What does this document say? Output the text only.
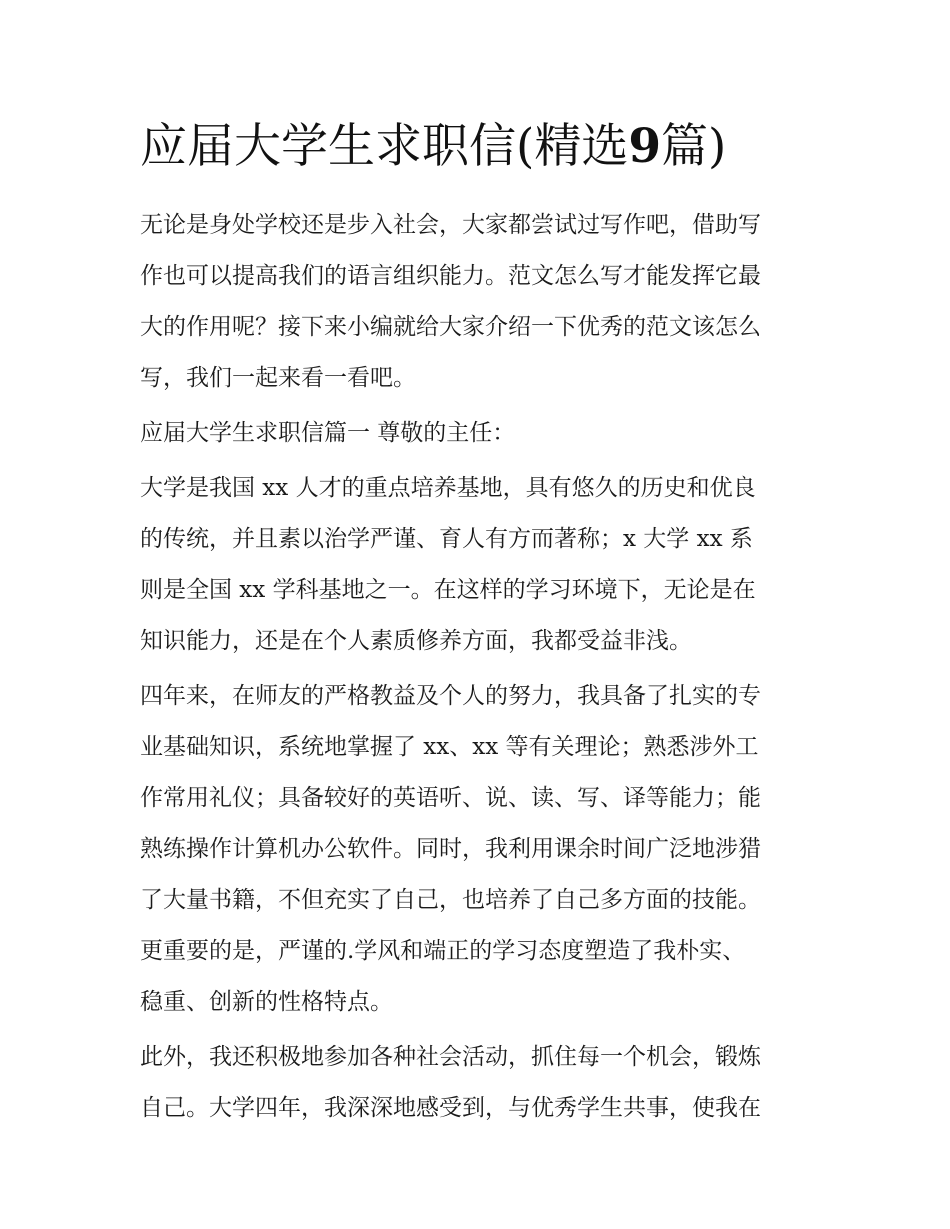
应届大学生求职信(精选9篇)

无论是身处学校还是步入社会，大家都尝试过写作吧，借助写
作也可以提高我们的语言组织能力。范文怎么写才能发挥它最
大的作用呢？接下来小编就给大家介绍一下优秀的范文该怎么
写，我们一起来看一看吧。

应届大学生求职信篇一 尊敬的主任：

大学是我国 xx 人才的重点培养基地，具有悠久的历史和优良
的传统，并且素以治学严谨、育人有方而著称；x 大学 xx 系
则是全国 xx 学科基地之一。在这样的学习环境下，无论是在
知识能力，还是在个人素质修养方面，我都受益非浅。

四年来，在师友的严格教益及个人的努力，我具备了扎实的专
业基础知识，系统地掌握了 xx、xx 等有关理论；熟悉涉外工
作常用礼仪；具备较好的英语听、说、读、写、译等能力；能
熟练操作计算机办公软件。同时，我利用课余时间广泛地涉猎
了大量书籍，不但充实了自己，也培养了自己多方面的技能。
更重要的是，严谨的.学风和端正的学习态度塑造了我朴实、
稳重、创新的性格特点。

此外，我还积极地参加各种社会活动，抓住每一个机会，锻炼
自己。大学四年，我深深地感受到，与优秀学生共事，使我在
